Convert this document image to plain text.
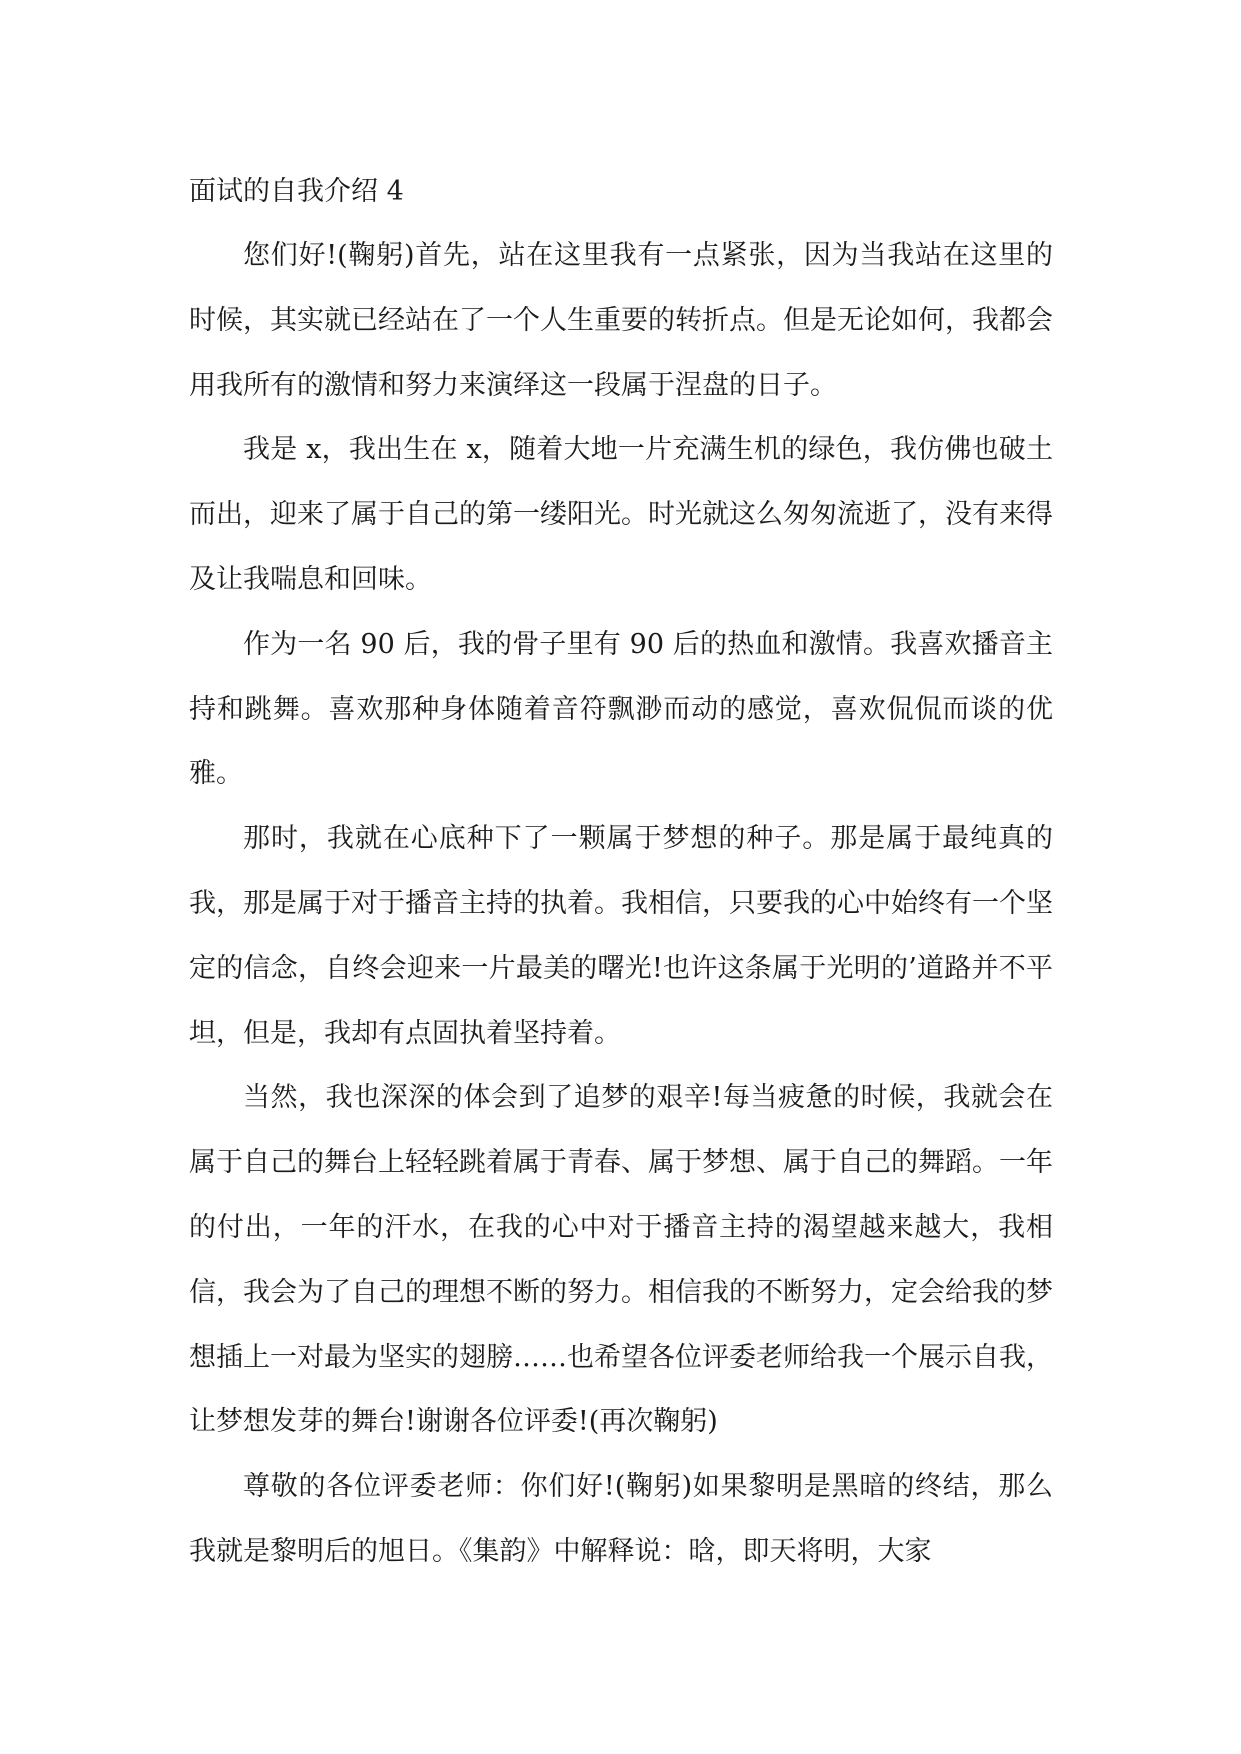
面试的自我介绍 4

您们好!(鞠躬)首先，站在这里我有一点紧张，因为当我站在这里的时候，其实就已经站在了一个人生重要的转折点。但是无论如何，我都会用我所有的激情和努力来演绎这一段属于涅盘的日子。

我是 x，我出生在 x，随着大地一片充满生机的绿色，我仿佛也破土而出，迎来了属于自己的第一缕阳光。时光就这么匆匆流逝了，没有来得及让我喘息和回味。

作为一名 90 后，我的骨子里有 90 后的热血和激情。我喜欢播音主持和跳舞。喜欢那种身体随着音符飘渺而动的感觉，喜欢侃侃而谈的优雅。

那时，我就在心底种下了一颗属于梦想的种子。那是属于最纯真的我，那是属于对于播音主持的执着。我相信，只要我的心中始终有一个坚定的信念，自终会迎来一片最美的曙光!也许这条属于光明的’道路并不平坦，但是，我却有点固执着坚持着。

当然，我也深深的体会到了追梦的艰辛!每当疲惫的时候，我就会在属于自己的舞台上轻轻跳着属于青春、属于梦想、属于自己的舞蹈。一年的付出，一年的汗水，在我的心中对于播音主持的渴望越来越大，我相信，我会为了自己的理想不断的努力。相信我的不断努力，定会给我的梦想插上一对最为坚实的翅膀……也希望各位评委老师给我一个展示自我，让梦想发芽的舞台!谢谢各位评委!(再次鞠躬)

尊敬的各位评委老师：你们好!(鞠躬)如果黎明是黑暗的终结，那么我就是黎明后的旭日。《集韵》中解释说：晗，即天将明，大家
